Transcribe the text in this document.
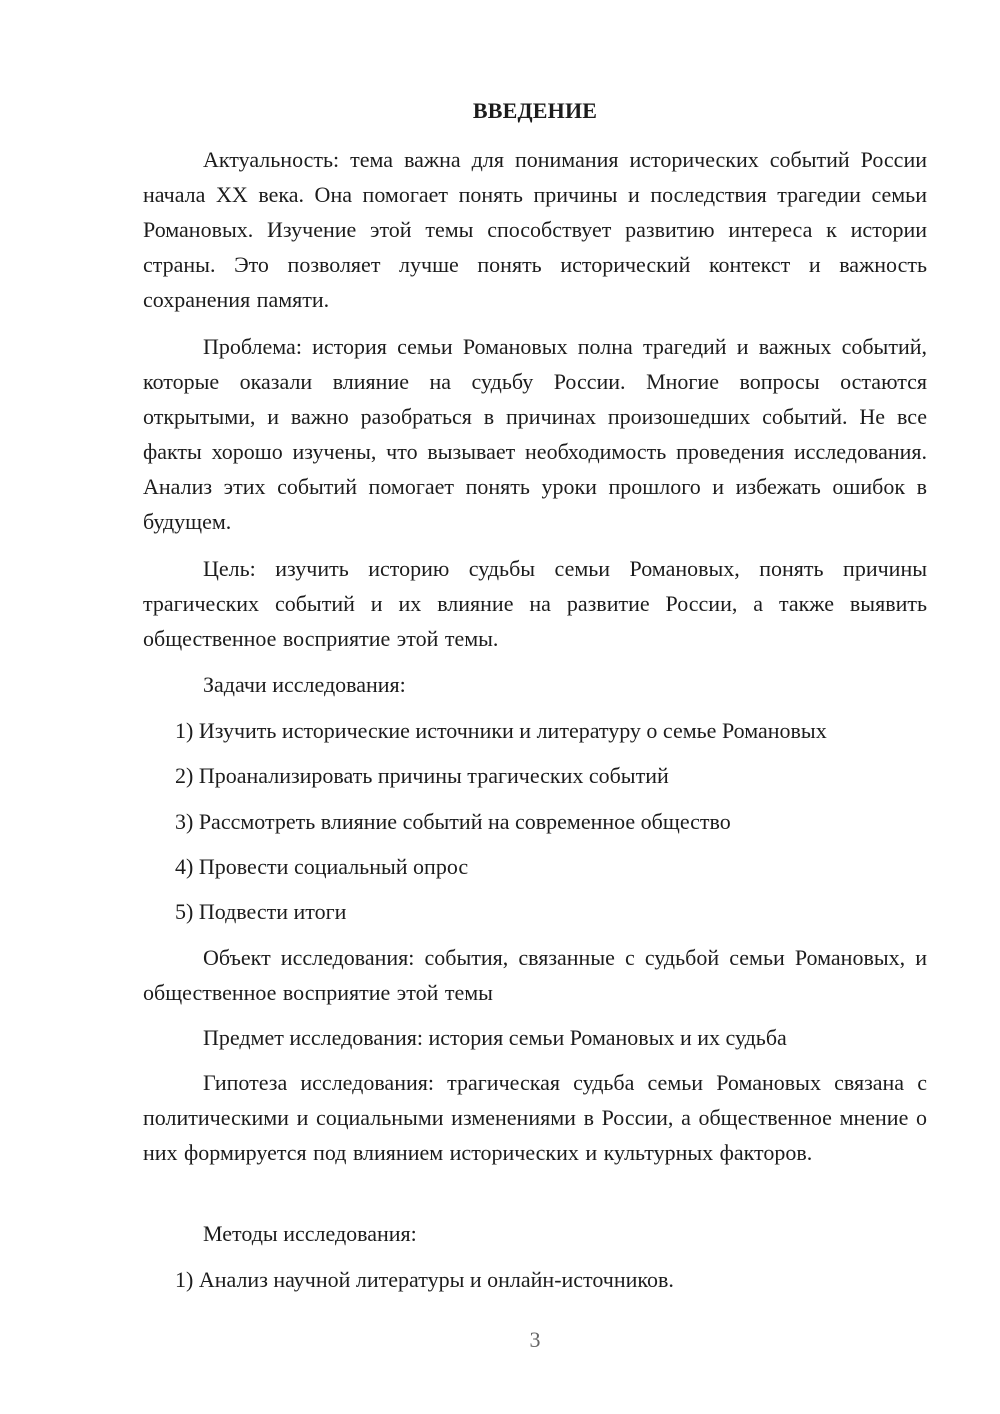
ВВЕДЕНИЕ

Актуальность: тема важна для понимания исторических событий России начала XX века. Она помогает понять причины и последствия трагедии семьи Романовых. Изучение этой темы способствует развитию интереса к истории страны. Это позволяет лучше понять исторический контекст и важность сохранения памяти.

Проблема: история семьи Романовых полна трагедий и важных событий, которые оказали влияние на судьбу России. Многие вопросы остаются открытыми, и важно разобраться в причинах произошедших событий. Не все факты хорошо изучены, что вызывает необходимость проведения исследования. Анализ этих событий помогает понять уроки прошлого и избежать ошибок в будущем.

Цель: изучить историю судьбы семьи Романовых, понять причины трагических событий и их влияние на развитие России, а также выявить общественное восприятие этой темы.

Задачи исследования:
1) Изучить исторические источники и литературу о семье Романовых
2) Проанализировать причины трагических событий
3) Рассмотреть влияние событий на современное общество
4) Провести социальный опрос
5) Подвести итоги

Объект исследования: события, связанные с судьбой семьи Романовых, и общественное восприятие этой темы

Предмет исследования: история семьи Романовых и их судьба

Гипотеза исследования: трагическая судьба семьи Романовых связана с политическими и социальными изменениями в России, а общественное мнение о них формируется под влиянием исторических и культурных факторов.

Методы исследования:
1) Анализ научной литературы и онлайн-источников.
3
